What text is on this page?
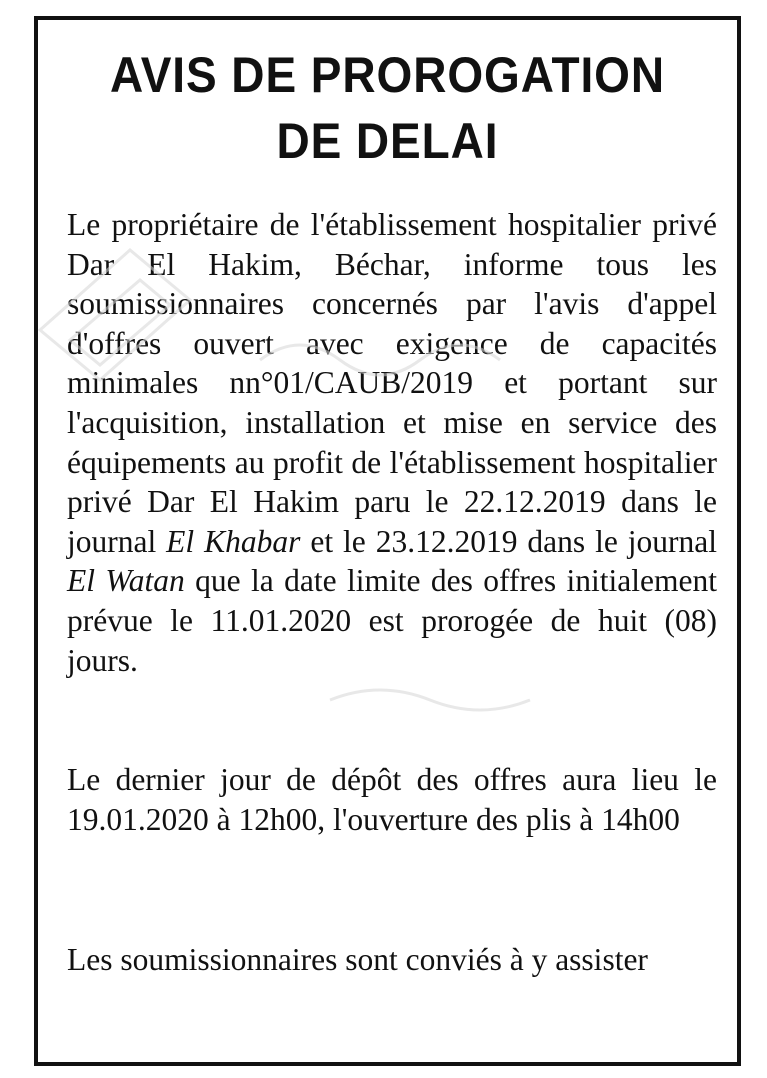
AVIS DE PROROGATION
DE DELAI

Le propriétaire de l'établissement hospitalier privé Dar El Hakim, Béchar, informe tous les soumissionnaires concernés par l'avis d'appel d'offres ouvert avec exigence de capacités minimales nn°01/CAUB/2019 et portant sur l'acquisition, installation et mise en service des équipements au profit de l'établissement hospitalier privé Dar El Hakim paru le 22.12.2019 dans le journal El Khabar et le 23.12.2019 dans le journal El Watan que la date limite des offres initialement prévue le 11.01.2020 est prorogée de huit (08) jours.

Le dernier jour de dépôt des offres aura lieu le 19.01.2020 à 12h00, l'ouverture des plis à 14h00

Les soumissionnaires sont conviés à y assister
